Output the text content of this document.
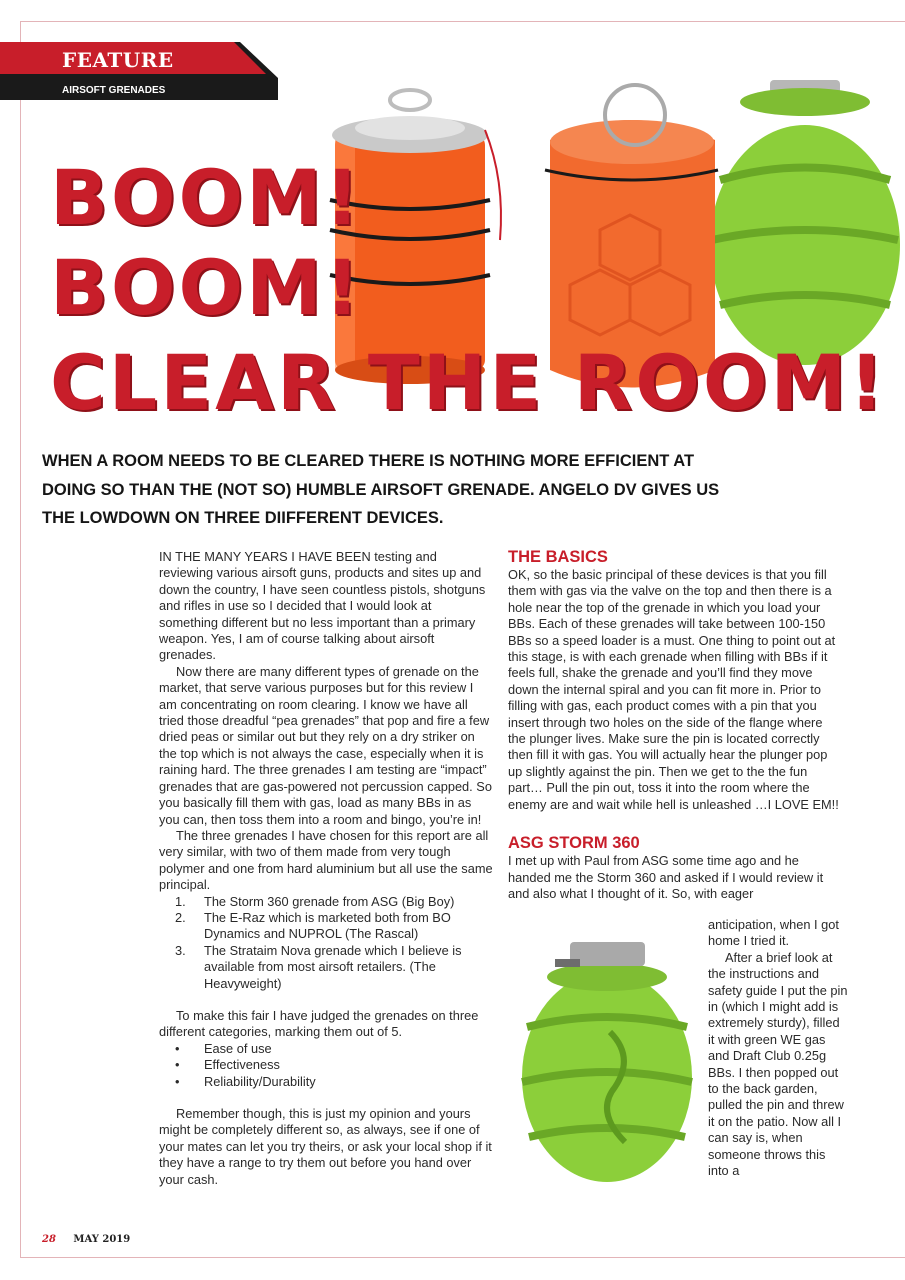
FEATURE
AIRSOFT GRENADES
BOOM!
BOOM!
CLEAR THE ROOM!
WHEN A ROOM NEEDS TO BE CLEARED THERE IS NOTHING MORE EFFICIENT AT DOING SO THAN THE (NOT SO) HUMBLE AIRSOFT GRENADE. ANGELO DV GIVES US THE LOWDOWN ON THREE DIIFFERENT DEVICES.

IN THE MANY YEARS I HAVE BEEN testing and reviewing various airsoft guns, products and sites up and down the country, I have seen countless pistols, shotguns and rifles in use so I decided that I would look at something different but no less important than a primary weapon. Yes, I am of course talking about airsoft grenades.

Now there are many different types of grenade on the market, that serve various purposes but for this review I am concentrating on room clearing. I know we have all tried those dreadful “pea grenades” that pop and fire a few dried peas or similar out but they rely on a dry striker on the top which is not always the case, especially when it is raining hard. The three grenades I am testing are “impact” grenades that are gas-powered not percussion capped. So you basically fill them with gas, load as many BBs in as you can, then toss them into a room and bingo, you’re in!

The three grenades I have chosen for this report are all very similar, with two of them made from very tough polymer and one from hard aluminium but all use the same principal.

1. The Storm 360 grenade from ASG (Big Boy)
2. The E-Raz which is marketed both from BO Dynamics and NUPROL (The Rascal)
3. The Strataim Nova grenade which I believe is available from most airsoft retailers. (The Heavyweight)

To make this fair I have judged the grenades on three different categories, marking them out of 5.

• Ease of use
• Effectiveness
• Reliability/Durability

Remember though, this is just my opinion and yours might be completely different so, as always, see if one of your mates can let you try theirs, or ask your local shop if it they have a range to try them out before you hand over your cash.

THE BASICS

OK, so the basic principal of these devices is that you fill them with gas via the valve on the top and then there is a hole near the top of the grenade in which you load your BBs. Each of these grenades will take between 100-150 BBs so a speed loader is a must. One thing to point out at this stage, is with each grenade when filling with BBs if it feels full, shake the grenade and you’ll find they move down the internal spiral and you can fit more in. Prior to filling with gas, each product comes with a pin that you insert through two holes on the side of the flange where the plunger lives. Make sure the pin is located correctly then fill it with gas. You will actually hear the plunger pop up slightly against the pin. Then we get to the the fun part… Pull the pin out, toss it into the room where the enemy are and wait while hell is unleashed …I LOVE EM!!

ASG STORM 360

I met up with Paul from ASG some time ago and he handed me the Storm 360 and asked if I would review it and also what I thought of it. So, with eager

anticipation, when I got home I tried it.

After a brief look at the instructions and safety guide I put the pin in (which I might add is extremely sturdy), filled it with green WE gas and Draft Club 0.25g BBs. I then popped out to the back garden, pulled the pin and threw it on the patio. Now all I can say is, when someone throws this into a

28 MAY 2019
